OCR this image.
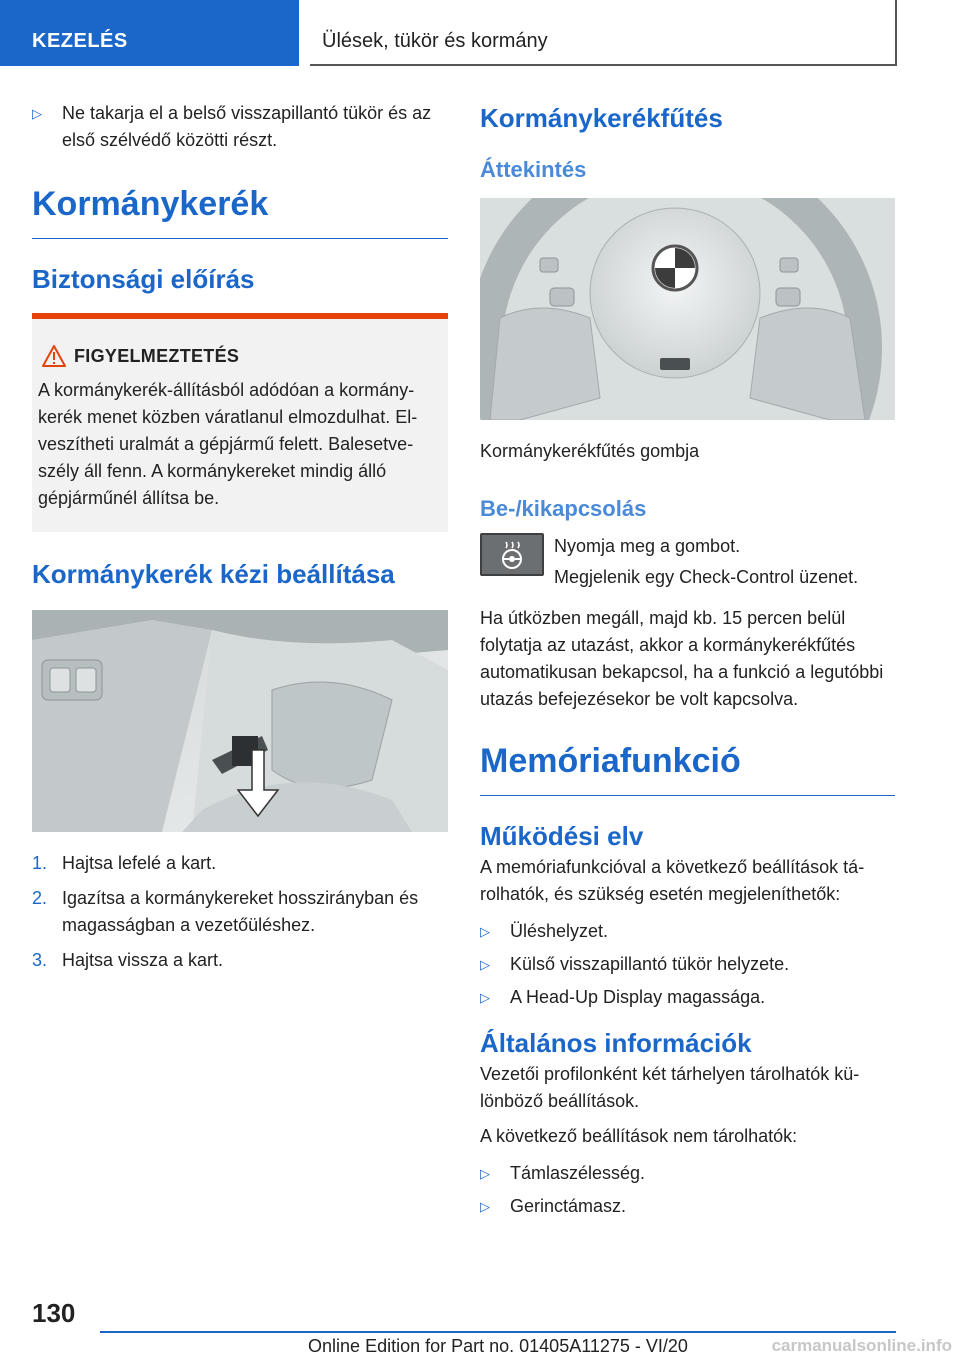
KEZELÉS	Ülések, tükör és kormány
▷	Ne takarja el a belső visszapillantó tükör és az első szélvédő közötti részt.
Kormánykerék
Biztonsági előírás
FIGYELMEZTETÉS
A kormánykerék-állításból adódóan a kormánykerék menet közben váratlanul elmozdulhat. Elveszítheti uralmát a gépjármű felett. Balesetveszély áll fenn. A kormánykereket mindig álló gépjárműnél állítsa be.
Kormánykerék kézi beállítása
1. Hajtsa lefelé a kart.
2. Igazítsa a kormánykereket hosszirányban és magasságban a vezetőüléshez.
3. Hajtsa vissza a kart.
Kormánykerékfűtés
Áttekintés
Kormánykerékfűtés gombja
Be-/kikapcsolás
Nyomja meg a gombot.
Megjelenik egy Check-Control üzenet.
Ha útközben megáll, majd kb. 15 percen belül folytatja az utazást, akkor a kormánykerékfűtés automatikusan bekapcsol, ha a funkció a legutóbbi utazás befejezésekor be volt kapcsolva.
Memóriafunkció
Működési elv
A memóriafunkcióval a következő beállítások tárolhatók, és szükség esetén megjeleníthetők:
▷	Üléshelyzet.
▷	Külső visszapillantó tükör helyzete.
▷	A Head-Up Display magassága.
Általános információk
Vezetői profilonként két tárhelyen tárolhatók különböző beállítások.
A következő beállítások nem tárolhatók:
▷	Támlaszélesség.
▷	Gerinctámasz.
130
Online Edition for Part no. 01405A11275 - VI/20	carmanualsonline.info
